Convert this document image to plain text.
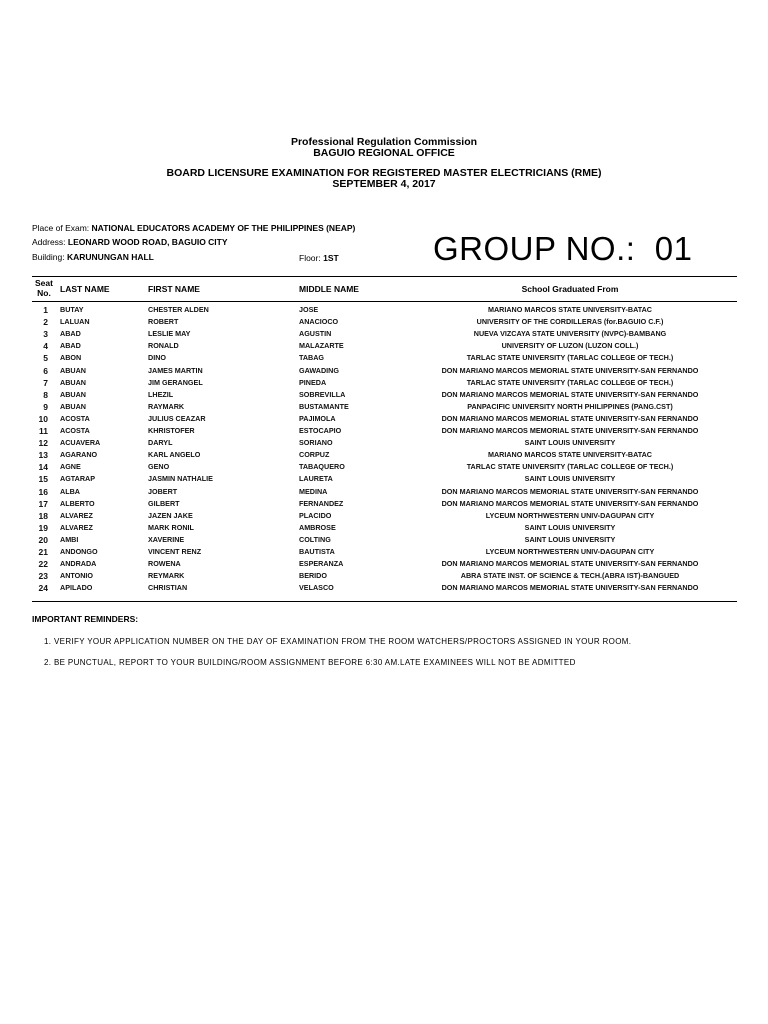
Professional Regulation Commission
BAGUIO REGIONAL OFFICE
BOARD LICENSURE EXAMINATION FOR REGISTERED MASTER ELECTRICIANS (RME)
SEPTEMBER 4, 2017
Place of Exam: NATIONAL EDUCATORS ACADEMY OF THE PHILIPPINES (NEAP)
Address: LEONARD WOOD ROAD, BAGUIO CITY
Building: KARUNUNGAN HALL	Floor: 1ST	GROUP NO.: 01
Seat
No. LAST NAME	FIRST NAME	MIDDLE NAME	School Graduated From
1 BUTAY	CHESTER ALDEN	JOSE	MARIANO MARCOS STATE UNIVERSITY-BATAC
2 LALUAN	ROBERT	ANACIOCO	UNIVERSITY OF THE CORDILLERAS (for.BAGUIO C.F.)
3 ABAD	LESLIE MAY	AGUSTIN	NUEVA VIZCAYA STATE UNIVERSITY (NVPC)-BAMBANG
4 ABAD	RONALD	MALAZARTE	UNIVERSITY OF LUZON (LUZON COLL.)
5 ABON	DINO	TABAG	TARLAC STATE UNIVERSITY (TARLAC COLLEGE OF TECH.)
6 ABUAN	JAMES MARTIN	GAWADING	DON MARIANO MARCOS MEMORIAL STATE UNIVERSITY-SAN FERNANDO
7 ABUAN	JIM GERANGEL	PINEDA	TARLAC STATE UNIVERSITY (TARLAC COLLEGE OF TECH.)
8 ABUAN	LHEZIL	SOBREVILLA	DON MARIANO MARCOS MEMORIAL STATE UNIVERSITY-SAN FERNANDO
9 ABUAN	RAYMARK	BUSTAMANTE	PANPACIFIC UNIVERSITY NORTH PHILIPPINES (PANG.CST)
10 ACOSTA	JULIUS CEAZAR	PAJIMOLA	DON MARIANO MARCOS MEMORIAL STATE UNIVERSITY-SAN FERNANDO
11 ACOSTA	KHRISTOFER	ESTOCAPIO	DON MARIANO MARCOS MEMORIAL STATE UNIVERSITY-SAN FERNANDO
12 ACUAVERA	DARYL	SORIANO	SAINT LOUIS UNIVERSITY
13 AGARANO	KARL ANGELO	CORPUZ	MARIANO MARCOS STATE UNIVERSITY-BATAC
14 AGNE	GENO	TABAQUERO	TARLAC STATE UNIVERSITY (TARLAC COLLEGE OF TECH.)
15 AGTARAP	JASMIN NATHALIE	LAURETA	SAINT LOUIS UNIVERSITY
16 ALBA	JOBERT	MEDINA	DON MARIANO MARCOS MEMORIAL STATE UNIVERSITY-SAN FERNANDO
17 ALBERTO	GILBERT	FERNANDEZ	DON MARIANO MARCOS MEMORIAL STATE UNIVERSITY-SAN FERNANDO
18 ALVAREZ	JAZEN JAKE	PLACIDO	LYCEUM NORTHWESTERN UNIV-DAGUPAN CITY
19 ALVAREZ	MARK RONIL	AMBROSE	SAINT LOUIS UNIVERSITY
20 AMBI	XAVERINE	COLTING	SAINT LOUIS UNIVERSITY
21 ANDONGO	VINCENT RENZ	BAUTISTA	LYCEUM NORTHWESTERN UNIV-DAGUPAN CITY
22 ANDRADA	ROWENA	ESPERANZA	DON MARIANO MARCOS MEMORIAL STATE UNIVERSITY-SAN FERNANDO
23 ANTONIO	REYMARK	BERIDO	ABRA STATE INST. OF SCIENCE & TECH.(ABRA IST)-BANGUED
24 APILADO	CHRISTIAN	VELASCO	DON MARIANO MARCOS MEMORIAL STATE UNIVERSITY-SAN FERNANDO
IMPORTANT REMINDERS:
1. VERIFY YOUR APPLICATION NUMBER ON THE DAY OF EXAMINATION FROM THE ROOM WATCHERS/PROCTORS ASSIGNED IN YOUR ROOM.
2. BE PUNCTUAL, REPORT TO YOUR BUILDING/ROOM ASSIGNMENT BEFORE 6:30 AM.LATE EXAMINEES WILL NOT BE ADMITTED
